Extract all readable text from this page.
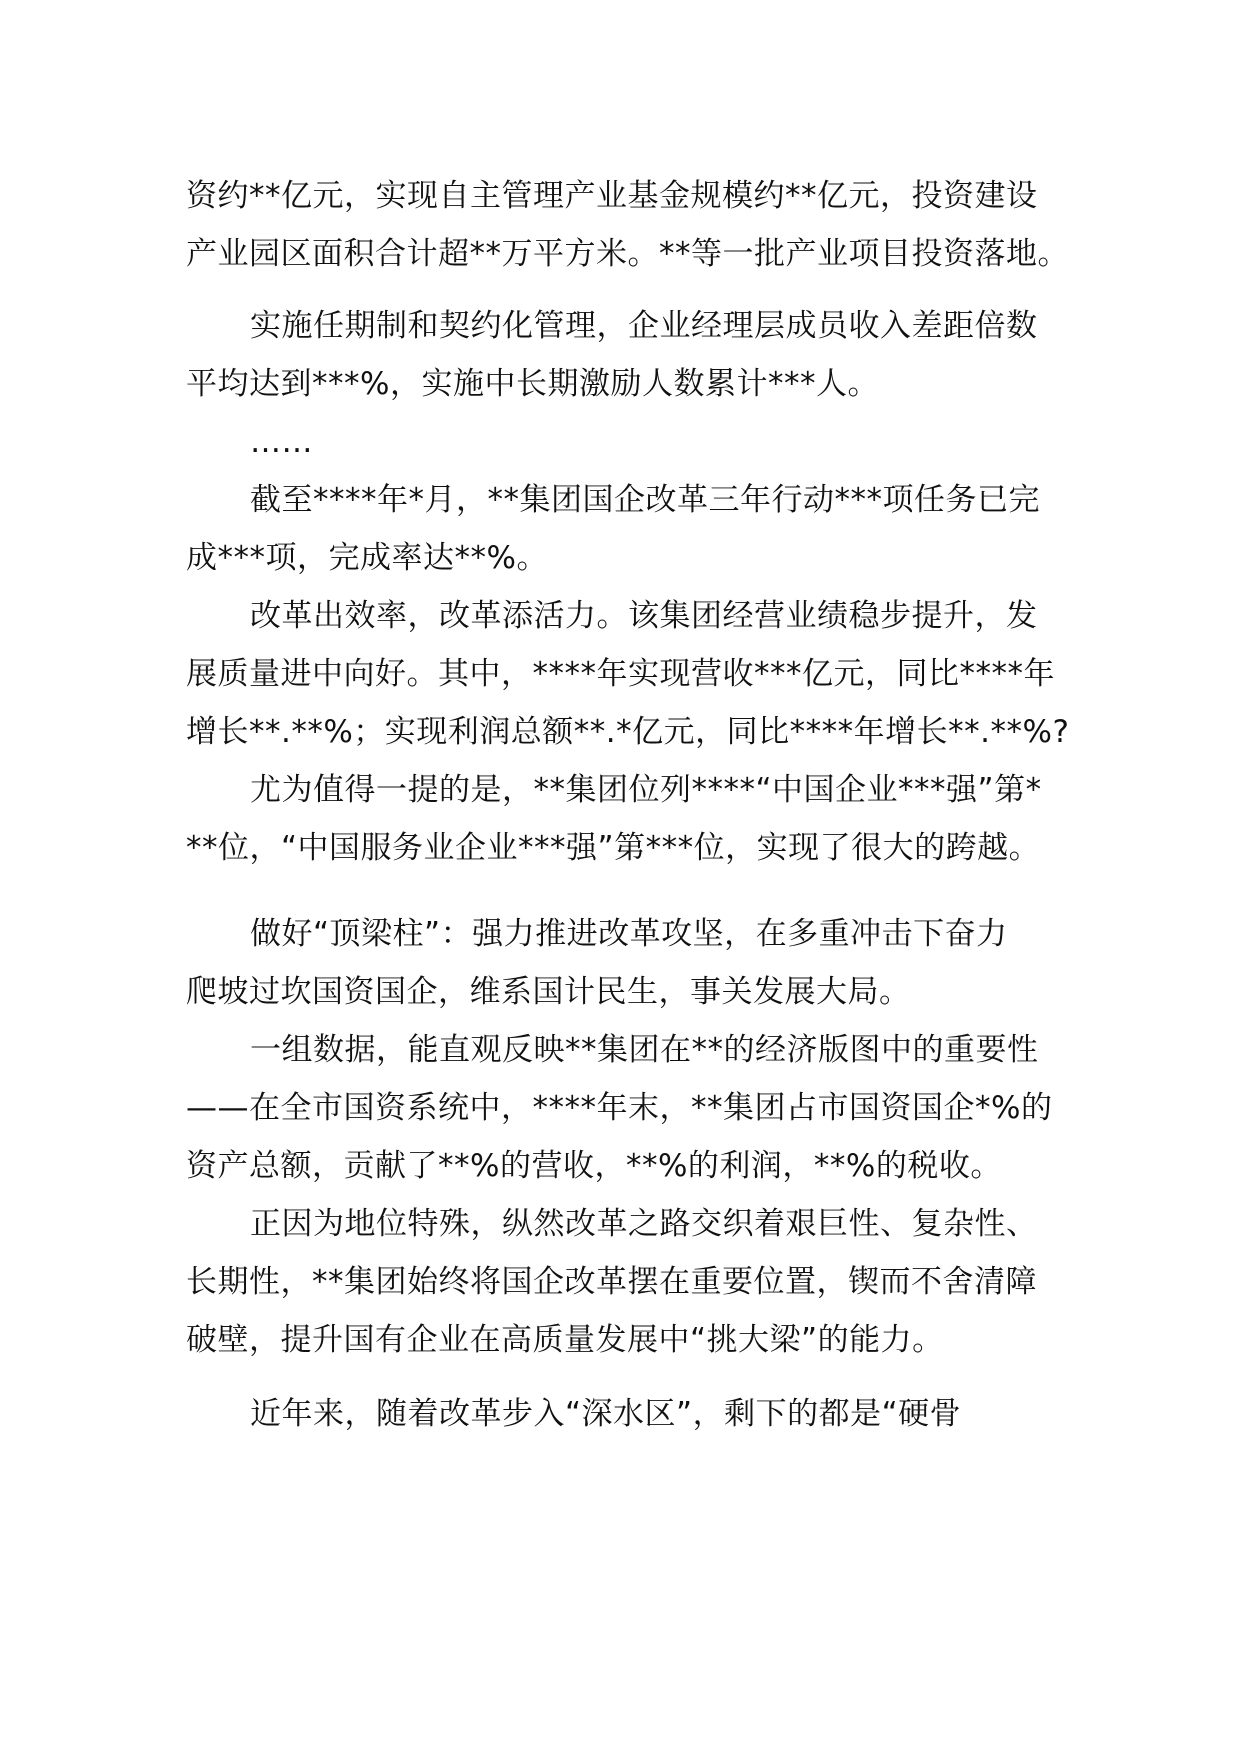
资约**亿元，实现自主管理产业基金规模约**亿元，投资建设
产业园区面积合计超**万平方米。**等一批产业项目投资落地。
实施任期制和契约化管理，企业经理层成员收入差距倍数
平均达到***%，实施中长期激励人数累计***人。
……
截至****年*月，**集团国企改革三年行动***项任务已完
成***项，完成率达**%。
改革出效率，改革添活力。该集团经营业绩稳步提升，发
展质量进中向好。其中，****年实现营收***亿元，同比****年
增长**.**%；实现利润总额**.*亿元，同比****年增长**.**%?
尤为值得一提的是，**集团位列****“中国企业***强”第*
**位，“中国服务业企业***强”第***位，实现了很大的跨越。
做好“顶梁柱”：强力推进改革攻坚，在多重冲击下奋力
爬坡过坎国资国企，维系国计民生，事关发展大局。
一组数据，能直观反映**集团在**的经济版图中的重要性
——在全市国资系统中，****年末，**集团占市国资国企*%的
资产总额，贡献了**%的营收，**%的利润，**%的税收。
正因为地位特殊，纵然改革之路交织着艰巨性、复杂性、
长期性，**集团始终将国企改革摆在重要位置，锲而不舍清障
破壁，提升国有企业在高质量发展中“挑大梁”的能力。
近年来，随着改革步入“深水区”，剩下的都是“硬骨
